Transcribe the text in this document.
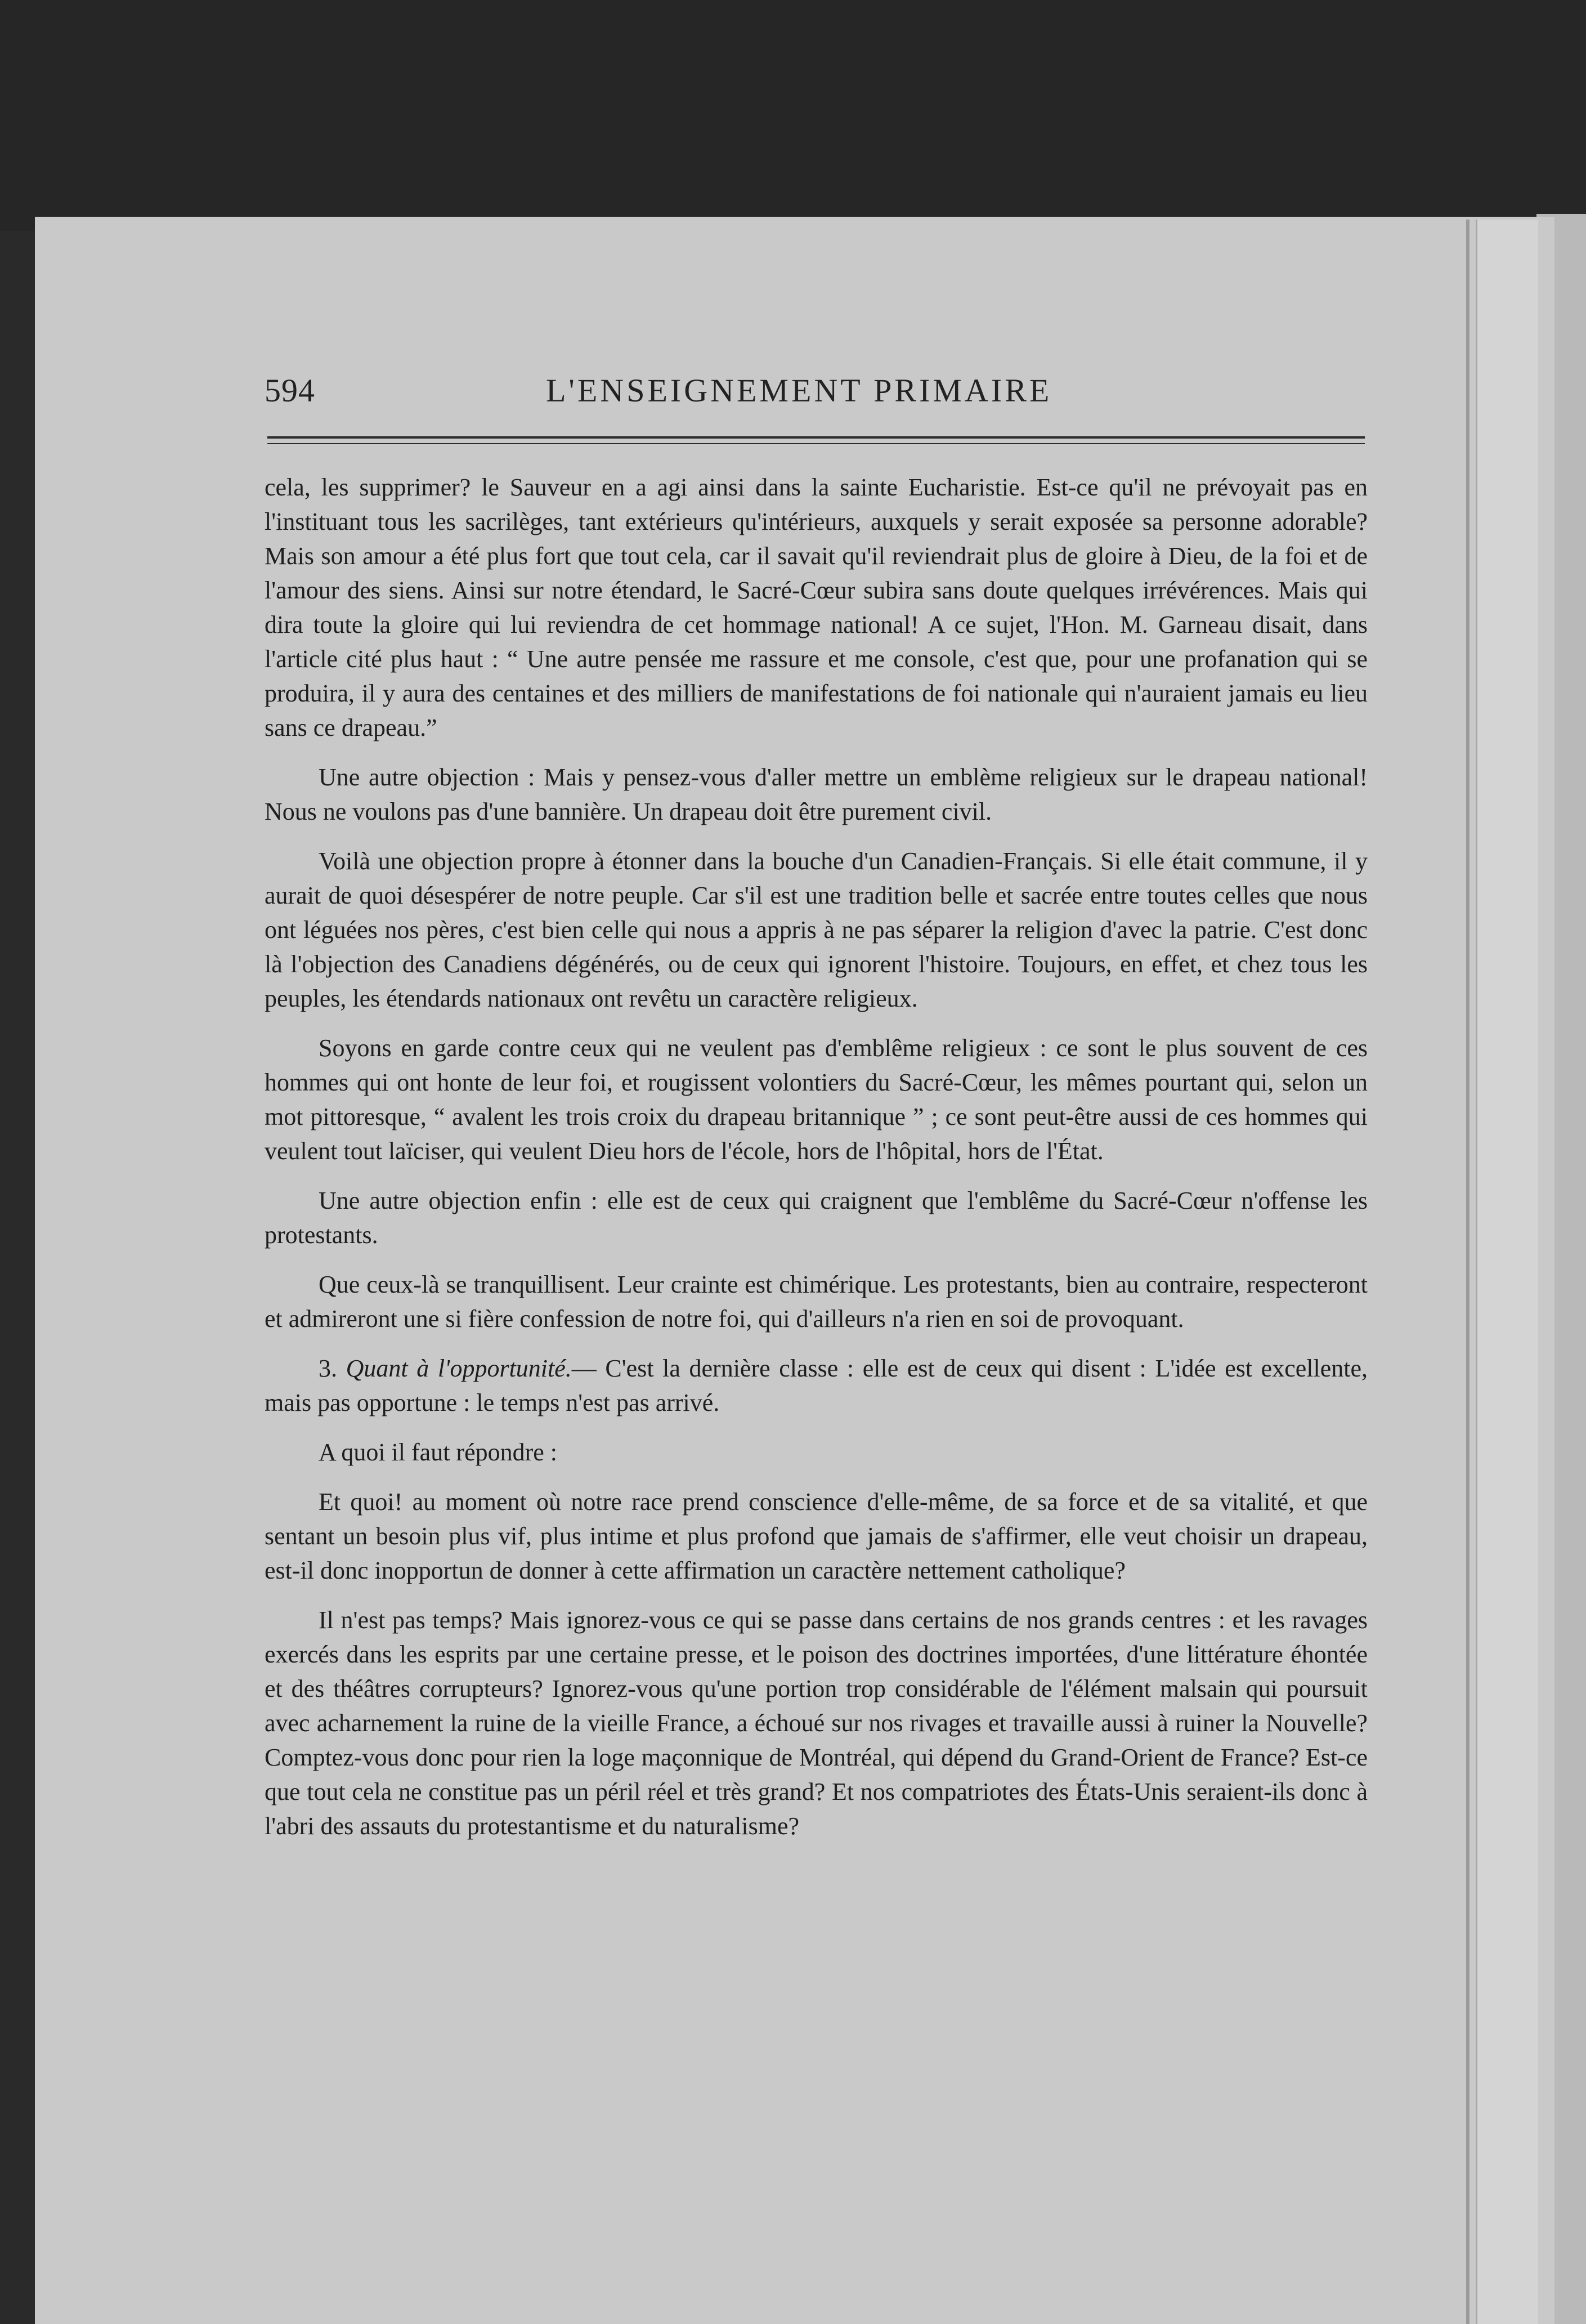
594	L'ENSEIGNEMENT PRIMAIRE

cela, les supprimer? le Sauveur en a agi ainsi dans la sainte Eucharistie. Est-ce qu'il ne prévoyait pas en l'instituant tous les sacrilèges, tant extérieurs qu'intérieurs, auxquels y serait exposée sa personne adorable? Mais son amour a été plus fort que tout cela, car il savait qu'il reviendrait plus de gloire à Dieu, de la foi et de l'amour des siens. Ainsi sur notre étendard, le Sacré-Cœur subira sans doute quelques irrévérences. Mais qui dira toute la gloire qui lui reviendra de cet hommage national! A ce sujet, l'Hon. M. Garneau disait, dans l'article cité plus haut : “ Une autre pensée me rassure et me console, c'est que, pour une profanation qui se produira, il y aura des centaines et des milliers de manifestations de foi nationale qui n'auraient jamais eu lieu sans ce drapeau.”

Une autre objection : Mais y pensez-vous d'aller mettre un emblème religieux sur le drapeau national! Nous ne voulons pas d'une bannière. Un drapeau doit être purement civil.

Voilà une objection propre à étonner dans la bouche d'un Canadien-Français. Si elle était commune, il y aurait de quoi désespérer de notre peuple. Car s'il est une tradition belle et sacrée entre toutes celles que nous ont léguées nos pères, c'est bien celle qui nous a appris à ne pas séparer la religion d'avec la patrie. C'est donc là l'objection des Canadiens dégénérés, ou de ceux qui ignorent l'histoire. Toujours, en effet, et chez tous les peuples, les étendards nationaux ont revêtu un caractère religieux.

Soyons en garde contre ceux qui ne veulent pas d'emblême religieux : ce sont le plus souvent de ces hommes qui ont honte de leur foi, et rougissent volontiers du Sacré-Cœur, les mêmes pourtant qui, selon un mot pittoresque, “ avalent les trois croix du drapeau britannique ” ; ce sont peut-être aussi de ces hommes qui veulent tout laïciser, qui veulent Dieu hors de l'école, hors de l'hôpital, hors de l'État.

Une autre objection enfin : elle est de ceux qui craignent que l'emblême du Sacré-Cœur n'offense les protestants.

Que ceux-là se tranquillisent. Leur crainte est chimérique. Les protestants, bien au contraire, respecteront et admireront une si fière confession de notre foi, qui d'ailleurs n'a rien en soi de provoquant.

3. Quant à l'opportunité.— C'est la dernière classe : elle est de ceux qui disent : L'idée est excellente, mais pas opportune : le temps n'est pas arrivé.

A quoi il faut répondre :

Et quoi! au moment où notre race prend conscience d'elle-même, de sa force et de sa vitalité, et que sentant un besoin plus vif, plus intime et plus profond que jamais de s'affirmer, elle veut choisir un drapeau, est-il donc inopportun de donner à cette affirmation un caractère nettement catholique?

Il n'est pas temps? Mais ignorez-vous ce qui se passe dans certains de nos grands centres : et les ravages exercés dans les esprits par une certaine presse, et le poison des doctrines importées, d'une littérature éhontée et des théâtres corrupteurs? Ignorez-vous qu'une portion trop considérable de l'élément malsain qui poursuit avec acharnement la ruine de la vieille France, a échoué sur nos rivages et travaille aussi à ruiner la Nouvelle? Comptez-vous donc pour rien la loge maçonnique de Montréal, qui dépend du Grand-Orient de France? Est-ce que tout cela ne constitue pas un péril réel et très grand? Et nos compatriotes des États-Unis seraient-ils donc à l'abri des assauts du protestantisme et du naturalisme?
